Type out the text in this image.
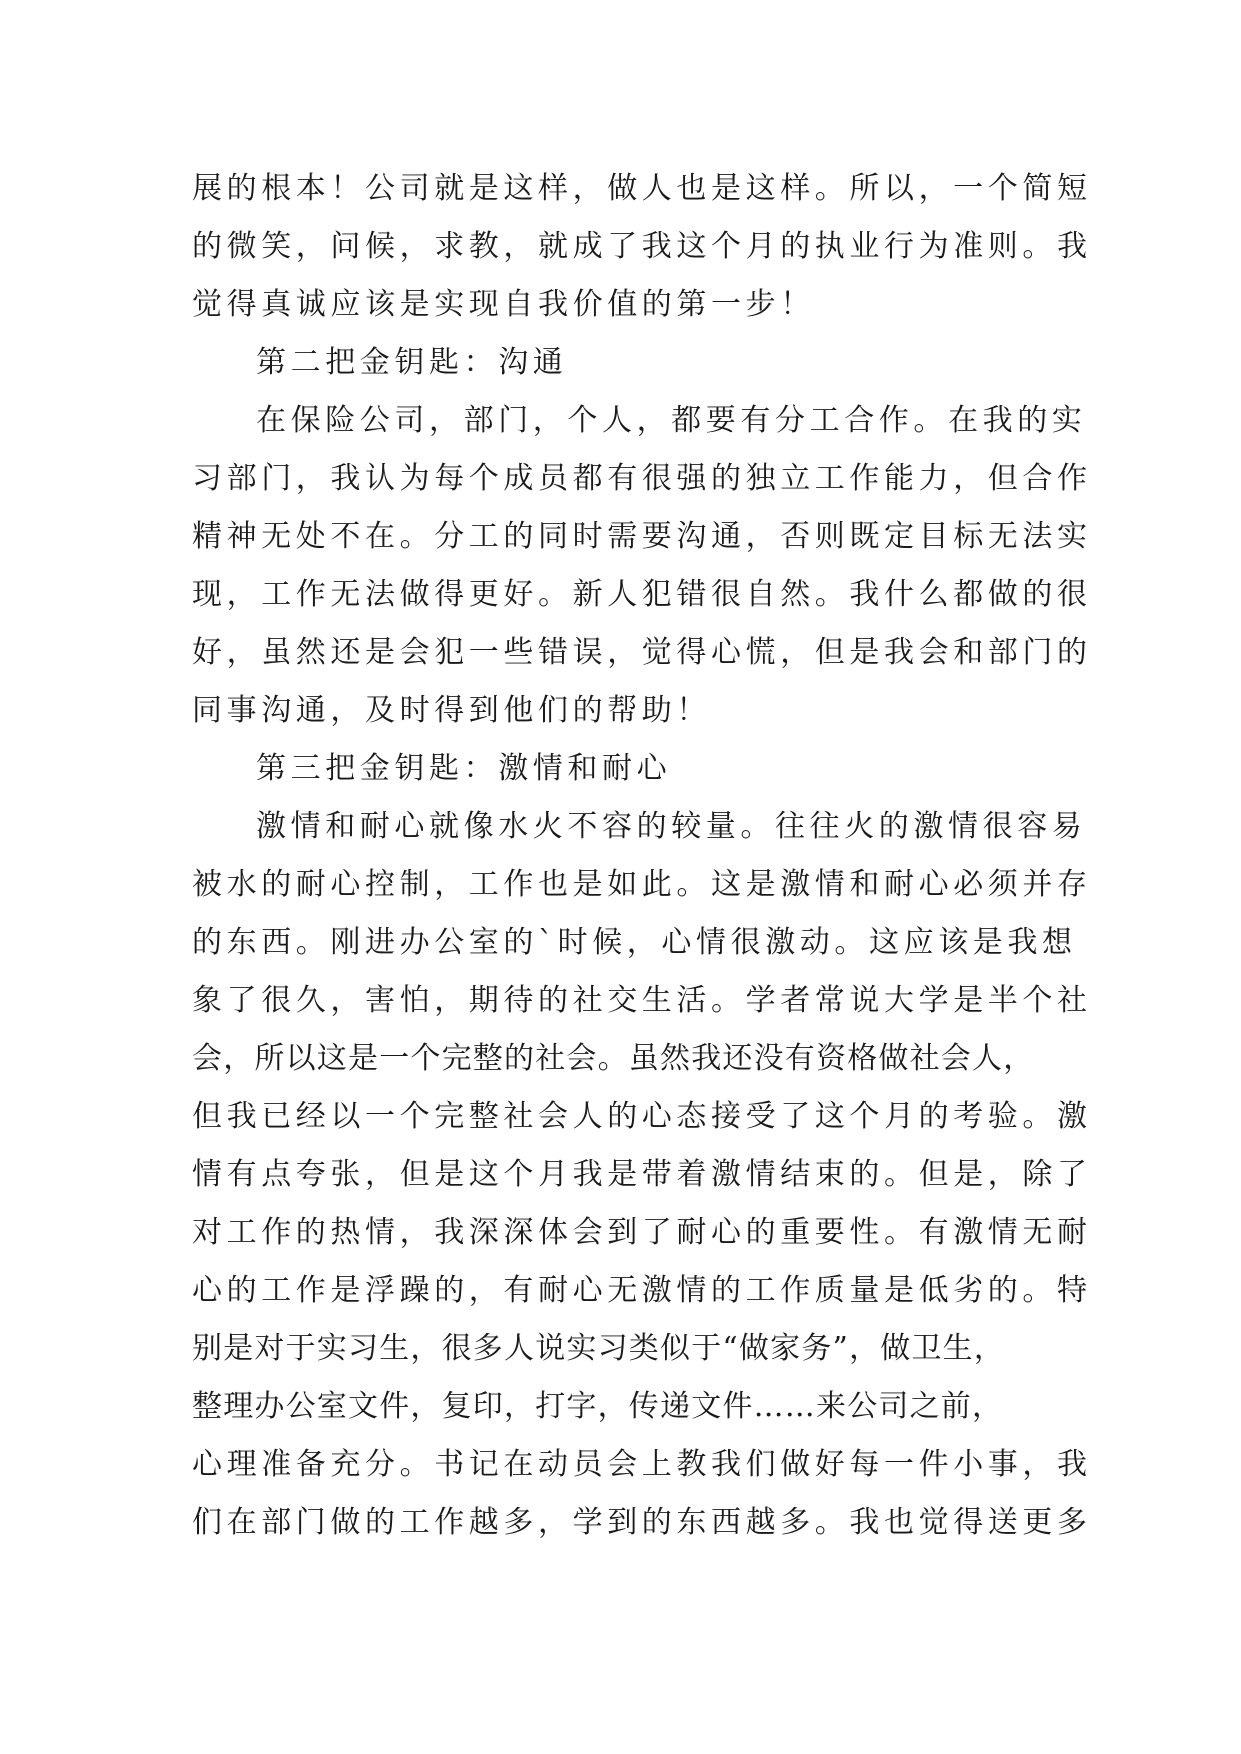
展的根本！公司就是这样，做人也是这样。所以，一个简短
的微笑，问候，求教，就成了我这个月的执业行为准则。我
觉得真诚应该是实现自我价值的第一步！
第二把金钥匙：沟通
在保险公司，部门，个人，都要有分工合作。在我的实
习部门，我认为每个成员都有很强的独立工作能力，但合作
精神无处不在。分工的同时需要沟通，否则既定目标无法实
现，工作无法做得更好。新人犯错很自然。我什么都做的很
好，虽然还是会犯一些错误，觉得心慌，但是我会和部门的
同事沟通，及时得到他们的帮助！
第三把金钥匙：激情和耐心
激情和耐心就像水火不容的较量。往往火的激情很容易
被水的耐心控制，工作也是如此。这是激情和耐心必须并存
的东西。刚进办公室的`时候，心情很激动。这应该是我想
象了很久，害怕，期待的社交生活。学者常说大学是半个社
会，所以这是一个完整的社会。虽然我还没有资格做社会人，
但我已经以一个完整社会人的心态接受了这个月的考验。激
情有点夸张，但是这个月我是带着激情结束的。但是，除了
对工作的热情，我深深体会到了耐心的重要性。有激情无耐
心的工作是浮躁的，有耐心无激情的工作质量是低劣的。特
别是对于实习生，很多人说实习类似于“做家务”，做卫生，
整理办公室文件，复印，打字，传递文件……来公司之前，
心理准备充分。书记在动员会上教我们做好每一件小事，我
们在部门做的工作越多，学到的东西越多。我也觉得送更多
